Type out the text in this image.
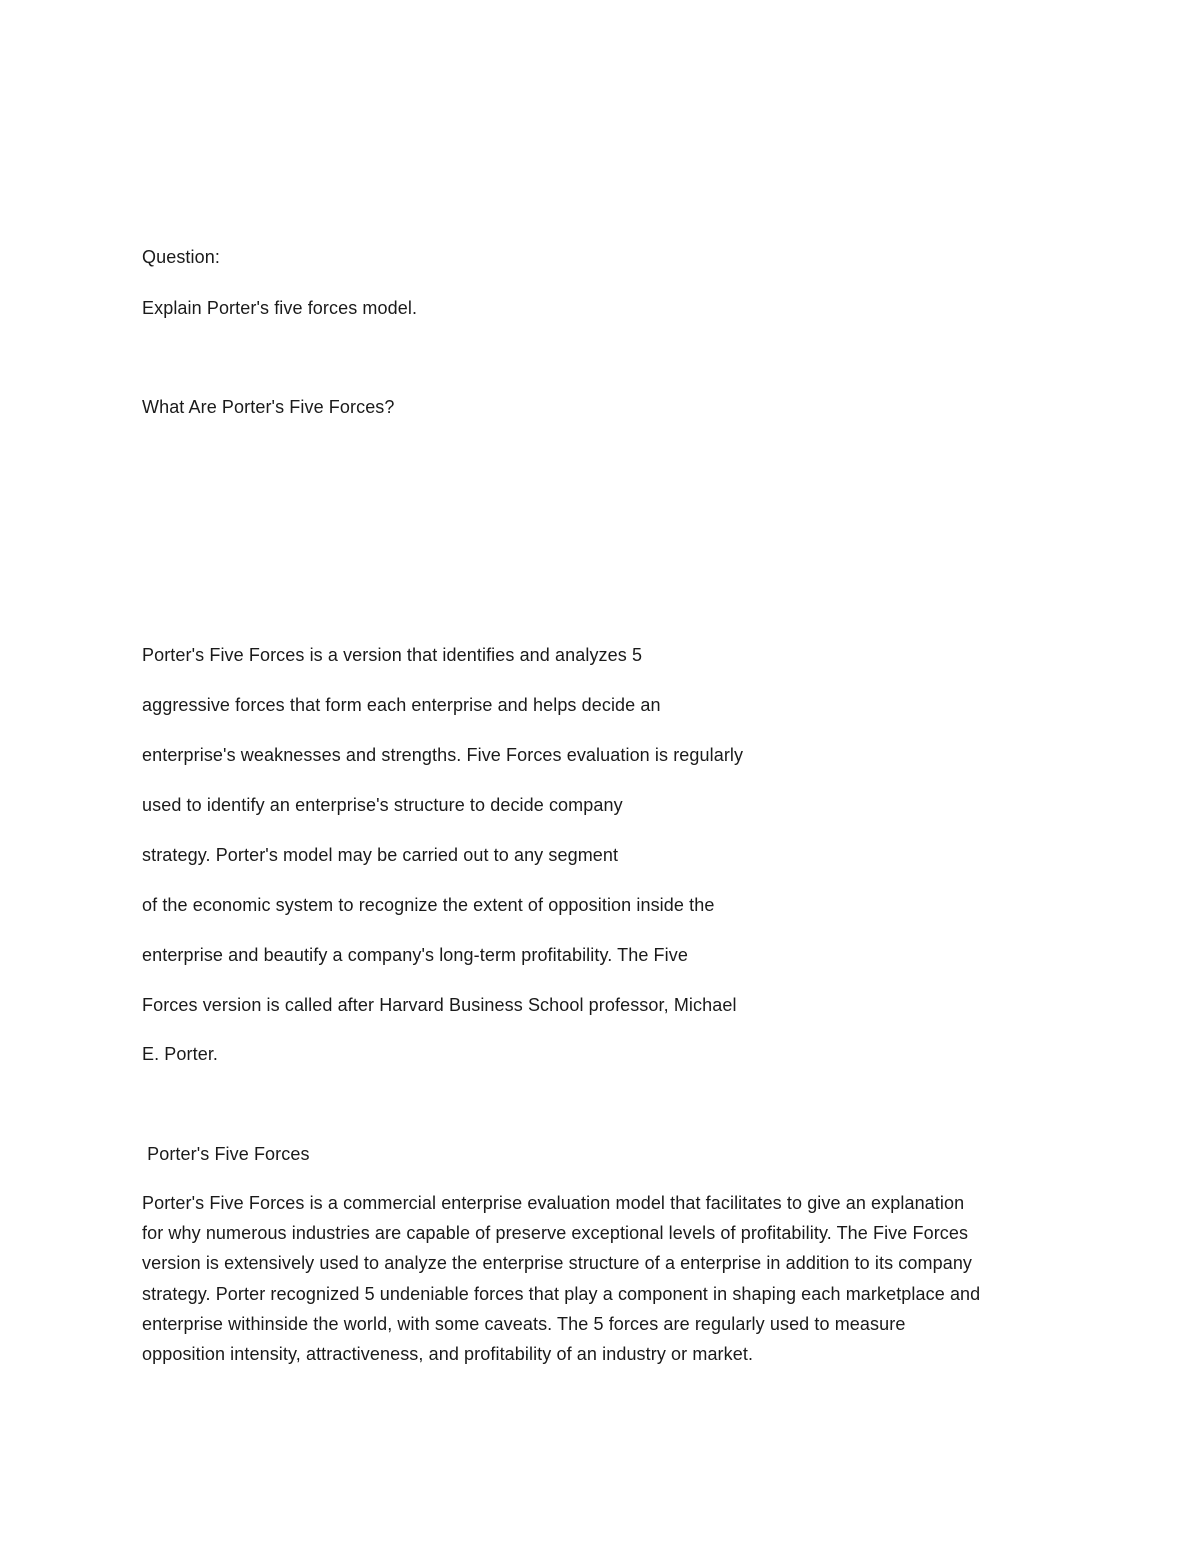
Question:
Explain Porter's five forces model.
What Are Porter's Five Forces?
Porter's Five Forces is a version that identifies and analyzes 5
aggressive forces that form each enterprise and helps decide an
enterprise's weaknesses and strengths. Five Forces evaluation is regularly
used to identify an enterprise's structure to decide company
strategy. Porter's model may be carried out to any segment
of the economic system to recognize the extent of opposition inside the
enterprise and beautify a company's long-term profitability. The Five
Forces version is called after Harvard Business School professor, Michael
E. Porter.
Porter's Five Forces
Porter's Five Forces is a commercial enterprise evaluation model that facilitates to give an explanation
for why numerous industries are capable of preserve exceptional levels of profitability. The Five Forces
version is extensively used to analyze the enterprise structure of a enterprise in addition to its company
strategy. Porter recognized 5 undeniable forces that play a component in shaping each marketplace and
enterprise withinside the world, with some caveats. The 5 forces are regularly used to measure
opposition intensity, attractiveness, and profitability of an industry or market.
